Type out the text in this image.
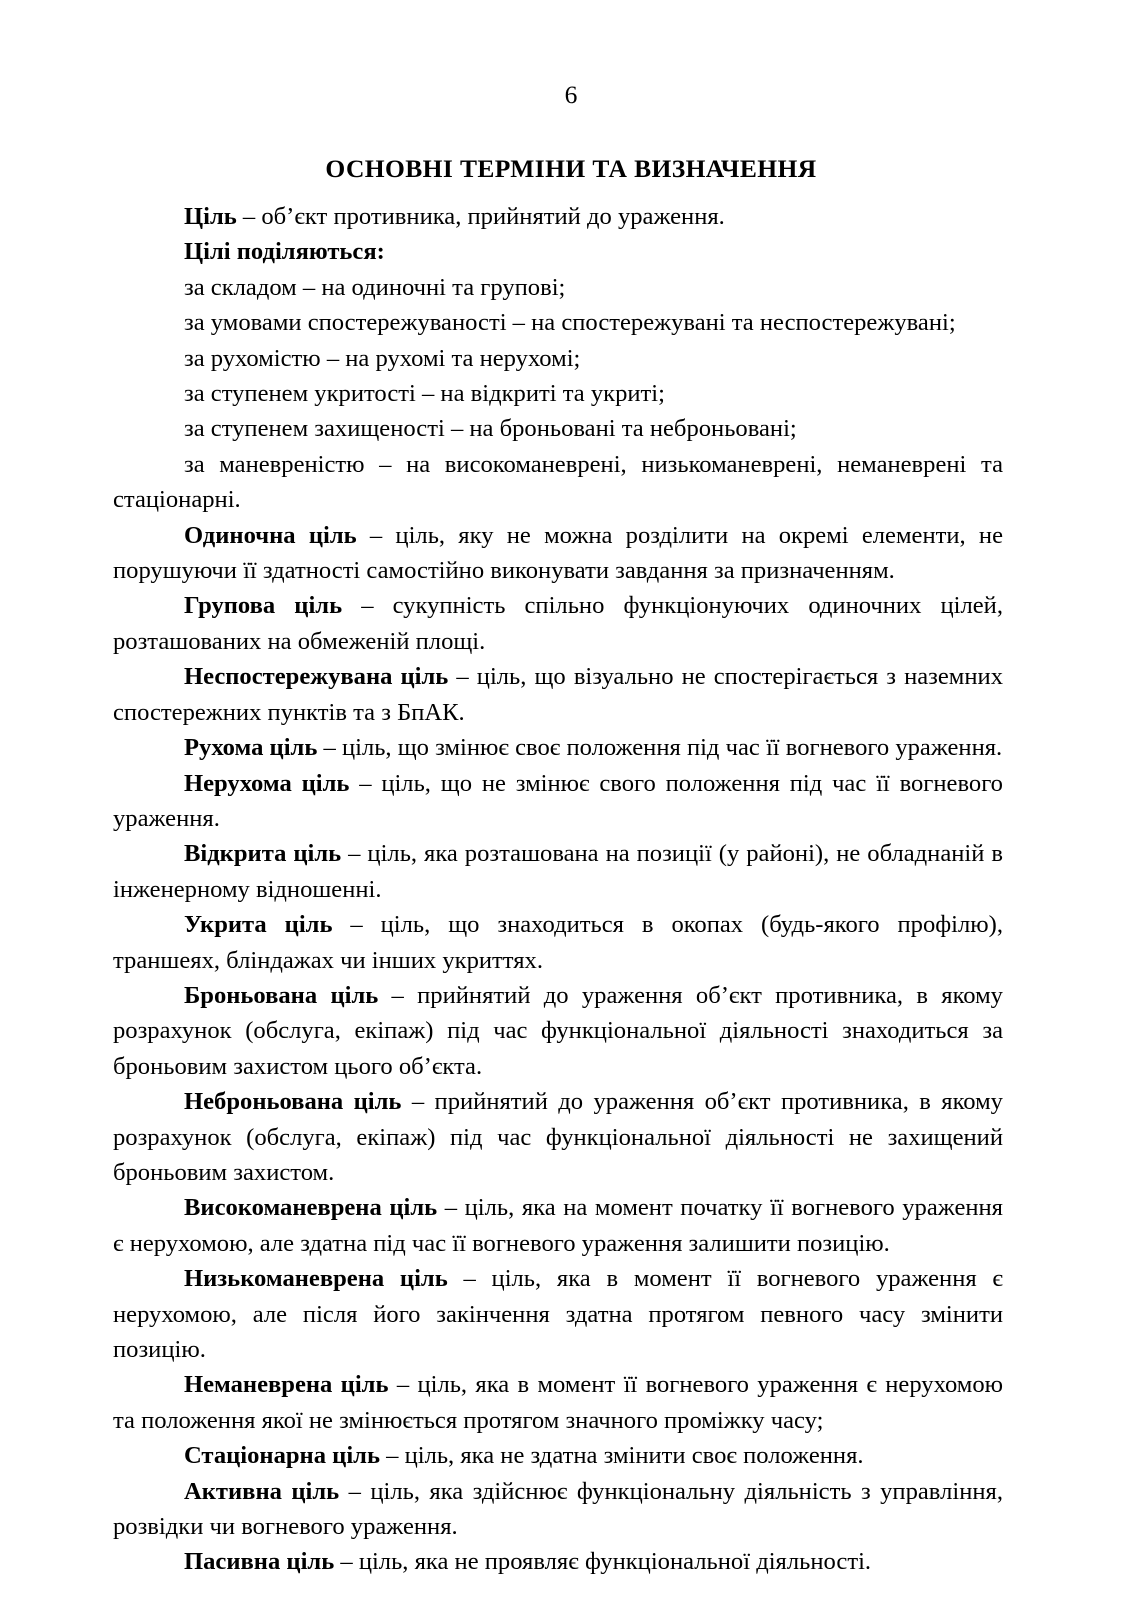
6
ОСНОВНІ ТЕРМІНИ ТА ВИЗНАЧЕННЯ

Ціль – об’єкт противника, прийнятий до ураження.

Цілі поділяються:

за складом – на одиночні та групові;

за умовами спостережуваності – на спостережувані та неспостережувані;

за рухомістю – на рухомі та нерухомі;

за ступенем укритості – на відкриті та укриті;

за ступенем захищеності – на броньовані та неброньовані;

за маневреністю – на високоманеврені, низькоманеврені, неманеврені та стаціонарні.

Одиночна ціль – ціль, яку не можна розділити на окремі елементи, не порушуючи її здатності самостійно виконувати завдання за призначенням.

Групова ціль – сукупність спільно функціонуючих одиночних цілей, розташованих на обмеженій площі.

Неспостережувана ціль – ціль, що візуально не спостерігається з наземних спостережних пунктів та з БпАК.

Рухома ціль – ціль, що змінює своє положення під час її вогневого ураження.

Нерухома ціль – ціль, що не змінює свого положення під час її вогневого ураження.

Відкрита ціль – ціль, яка розташована на позиції (у районі), не обладнаній в інженерному відношенні.

Укрита ціль – ціль, що знаходиться в окопах (будь-якого профілю), траншеях, бліндажах чи інших укриттях.

Броньована ціль – прийнятий до ураження об’єкт противника, в якому розрахунок (обслуга, екіпаж) під час функціональної діяльності знаходиться за броньовим захистом цього об’єкта.

Неброньована ціль – прийнятий до ураження об’єкт противника, в якому розрахунок (обслуга, екіпаж) під час функціональної діяльності не захищений броньовим захистом.

Високоманеврена ціль – ціль, яка на момент початку її вогневого ураження є нерухомою, але здатна під час її вогневого ураження залишити позицію.

Низькоманеврена ціль – ціль, яка в момент її вогневого ураження є нерухомою, але після його закінчення здатна протягом певного часу змінити позицію.

Неманеврена ціль – ціль, яка в момент її вогневого ураження є нерухомою та положення якої не змінюється протягом значного проміжку часу;

Стаціонарна ціль – ціль, яка не здатна змінити своє положення.

Активна ціль – ціль, яка здійснює функціональну діяльність з управління, розвідки чи вогневого ураження.

Пасивна ціль – ціль, яка не проявляє функціональної діяльності.
